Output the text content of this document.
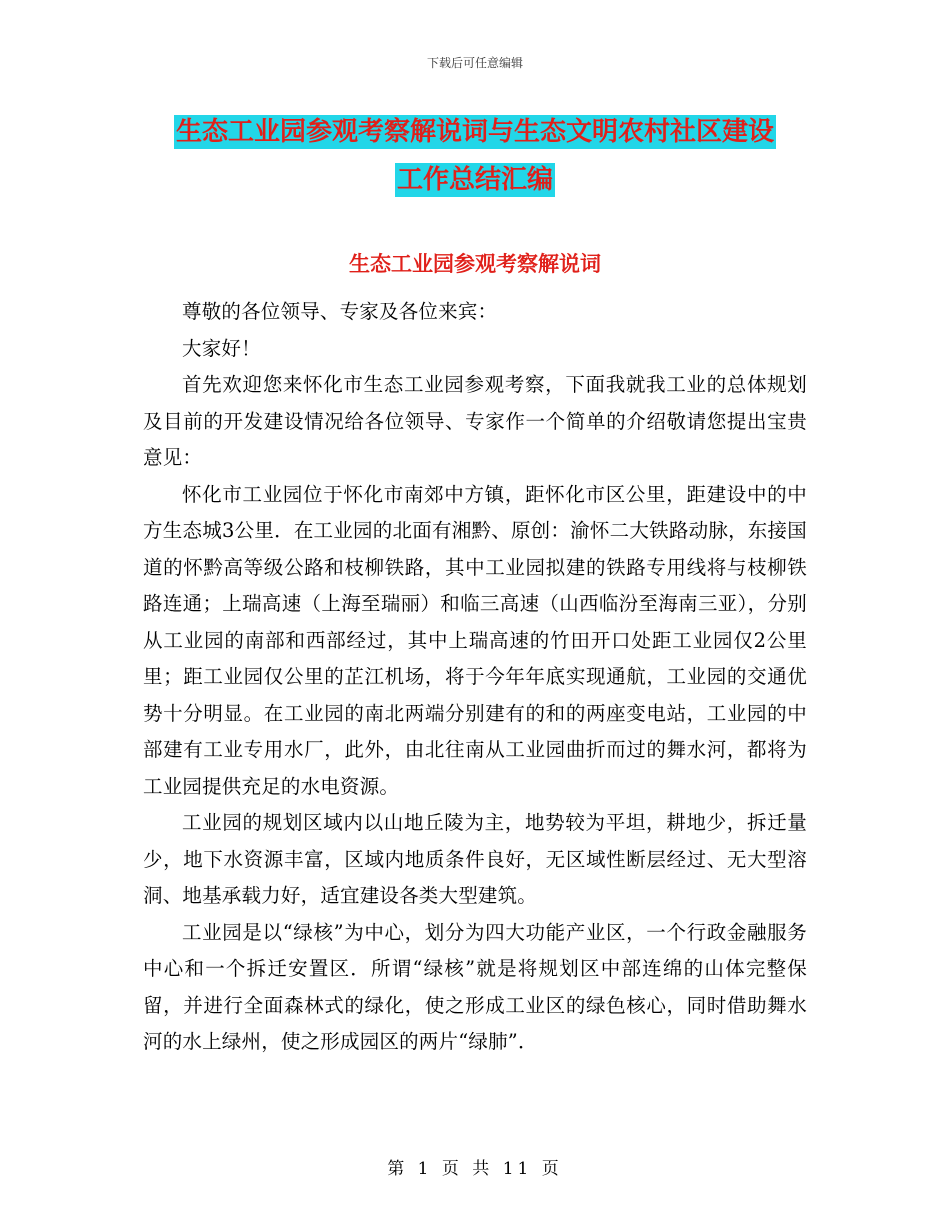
下载后可任意编辑
生态工业园参观考察解说词与生态文明农村社区建设
工作总结汇编
生态工业园参观考察解说词

尊敬的各位领导、专家及各位来宾：

大家好！

首先欢迎您来怀化市生态工业园参观考察，下面我就我工业的总体规划及目前的开发建设情况给各位领导、专家作一个简单的介绍敬请您提出宝贵意见：

怀化市工业园位于怀化市南郊中方镇，距怀化市区公里，距建设中的中方生态城3公里．在工业园的北面有湘黔、原创：渝怀二大铁路动脉，东接国道的怀黔高等级公路和枝柳铁路，其中工业园拟建的铁路专用线将与枝柳铁路连通；上瑞高速（上海至瑞丽）和临三高速（山西临汾至海南三亚），分别从工业园的南部和西部经过，其中上瑞高速的竹田开口处距工业园仅2公里里；距工业园仅公里的芷江机场，将于今年年底实现通航，工业园的交通优势十分明显。在工业园的南北两端分别建有的和的两座变电站，工业园的中部建有工业专用水厂，此外，由北往南从工业园曲折而过的舞水河，都将为工业园提供充足的水电资源。

工业园的规划区域内以山地丘陵为主，地势较为平坦，耕地少，拆迁量少，地下水资源丰富，区域内地质条件良好，无区域性断层经过、无大型溶洞、地基承载力好，适宜建设各类大型建筑。

工业园是以“绿核”为中心，划分为四大功能产业区，一个行政金融服务中心和一个拆迁安置区．所谓“绿核”就是将规划区中部连绵的山体完整保留，并进行全面森林式的绿化，使之形成工业区的绿色核心，同时借助舞水河的水上绿州，使之形成园区的两片“绿肺”．

第 1 页 共 11 页
